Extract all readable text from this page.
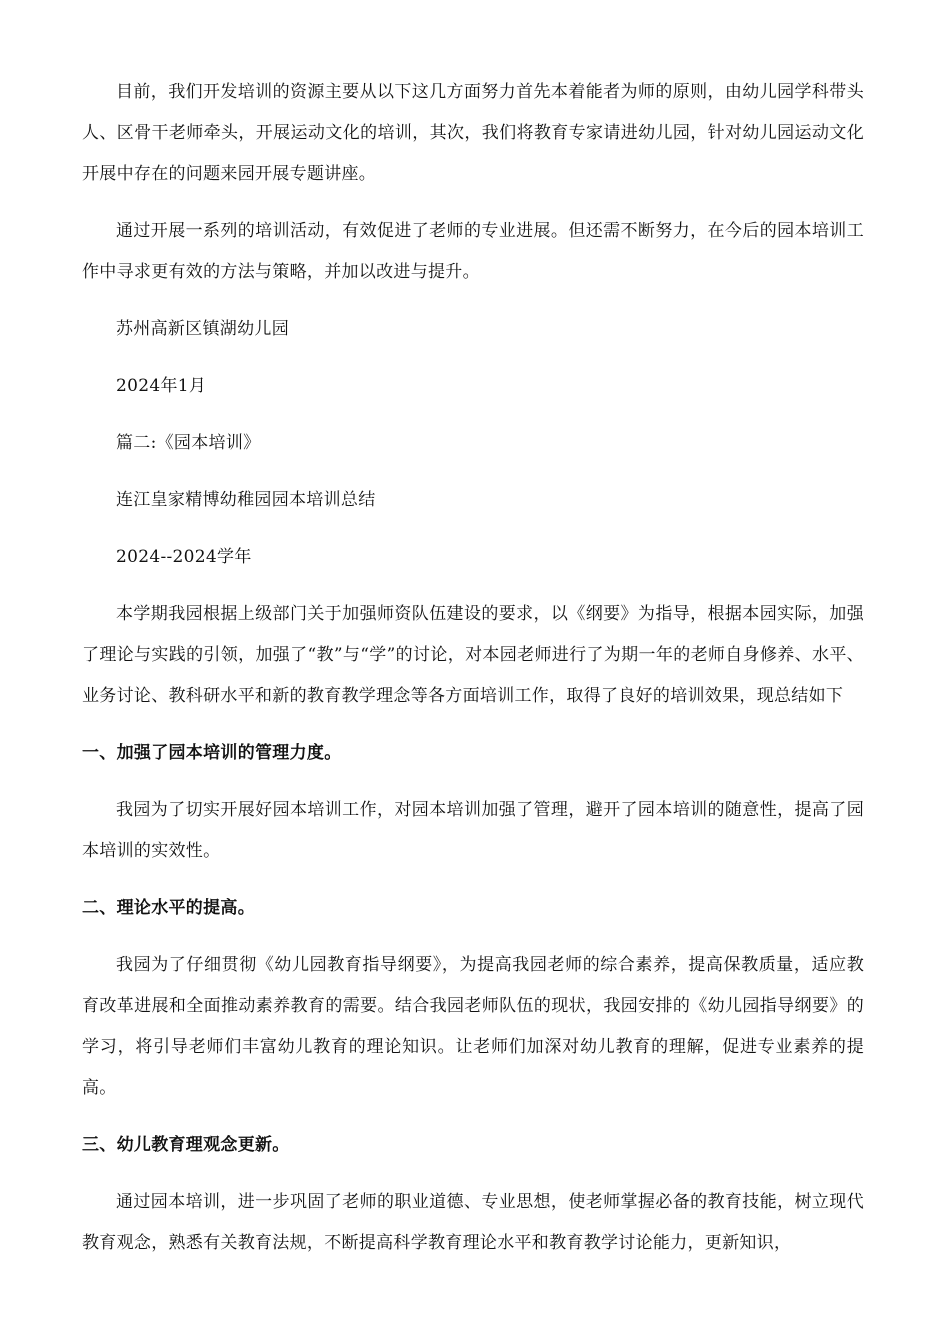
目前，我们开发培训的资源主要从以下这几方面努力首先本着能者为师的原则，由幼儿园学科带头人、区骨干老师牵头，开展运动文化的培训，其次，我们将教育专家请进幼儿园，针对幼儿园运动文化开展中存在的问题来园开展专题讲座。

通过开展一系列的培训活动，有效促进了老师的专业进展。但还需不断努力，在今后的园本培训工作中寻求更有效的方法与策略，并加以改进与提升。

苏州高新区镇湖幼儿园

2024年1月

篇二:《园本培训》

连江皇家精博幼稚园园本培训总结

2024--2024学年

本学期我园根据上级部门关于加强师资队伍建设的要求，以《纲要》为指导，根据本园实际，加强了理论与实践的引领，加强了“教”与“学”的讨论，对本园老师进行了为期一年的老师自身修养、水平、业务讨论、教科研水平和新的教育教学理念等各方面培训工作，取得了良好的培训效果，现总结如下

一、加强了园本培训的管理力度。

我园为了切实开展好园本培训工作，对园本培训加强了管理，避开了园本培训的随意性，提高了园本培训的实效性。

二、理论水平的提高。

我园为了仔细贯彻《幼儿园教育指导纲要》，为提高我园老师的综合素养，提高保教质量，适应教育改革进展和全面推动素养教育的需要。结合我园老师队伍的现状，我园安排的《幼儿园指导纲要》的学习，将引导老师们丰富幼儿教育的理论知识。让老师们加深对幼儿教育的理解，促进专业素养的提高。

三、幼儿教育理观念更新。

通过园本培训，进一步巩固了老师的职业道德、专业思想，使老师掌握必备的教育技能，树立现代教育观念，熟悉有关教育法规，不断提高科学教育理论水平和教育教学讨论能力，更新知识，
